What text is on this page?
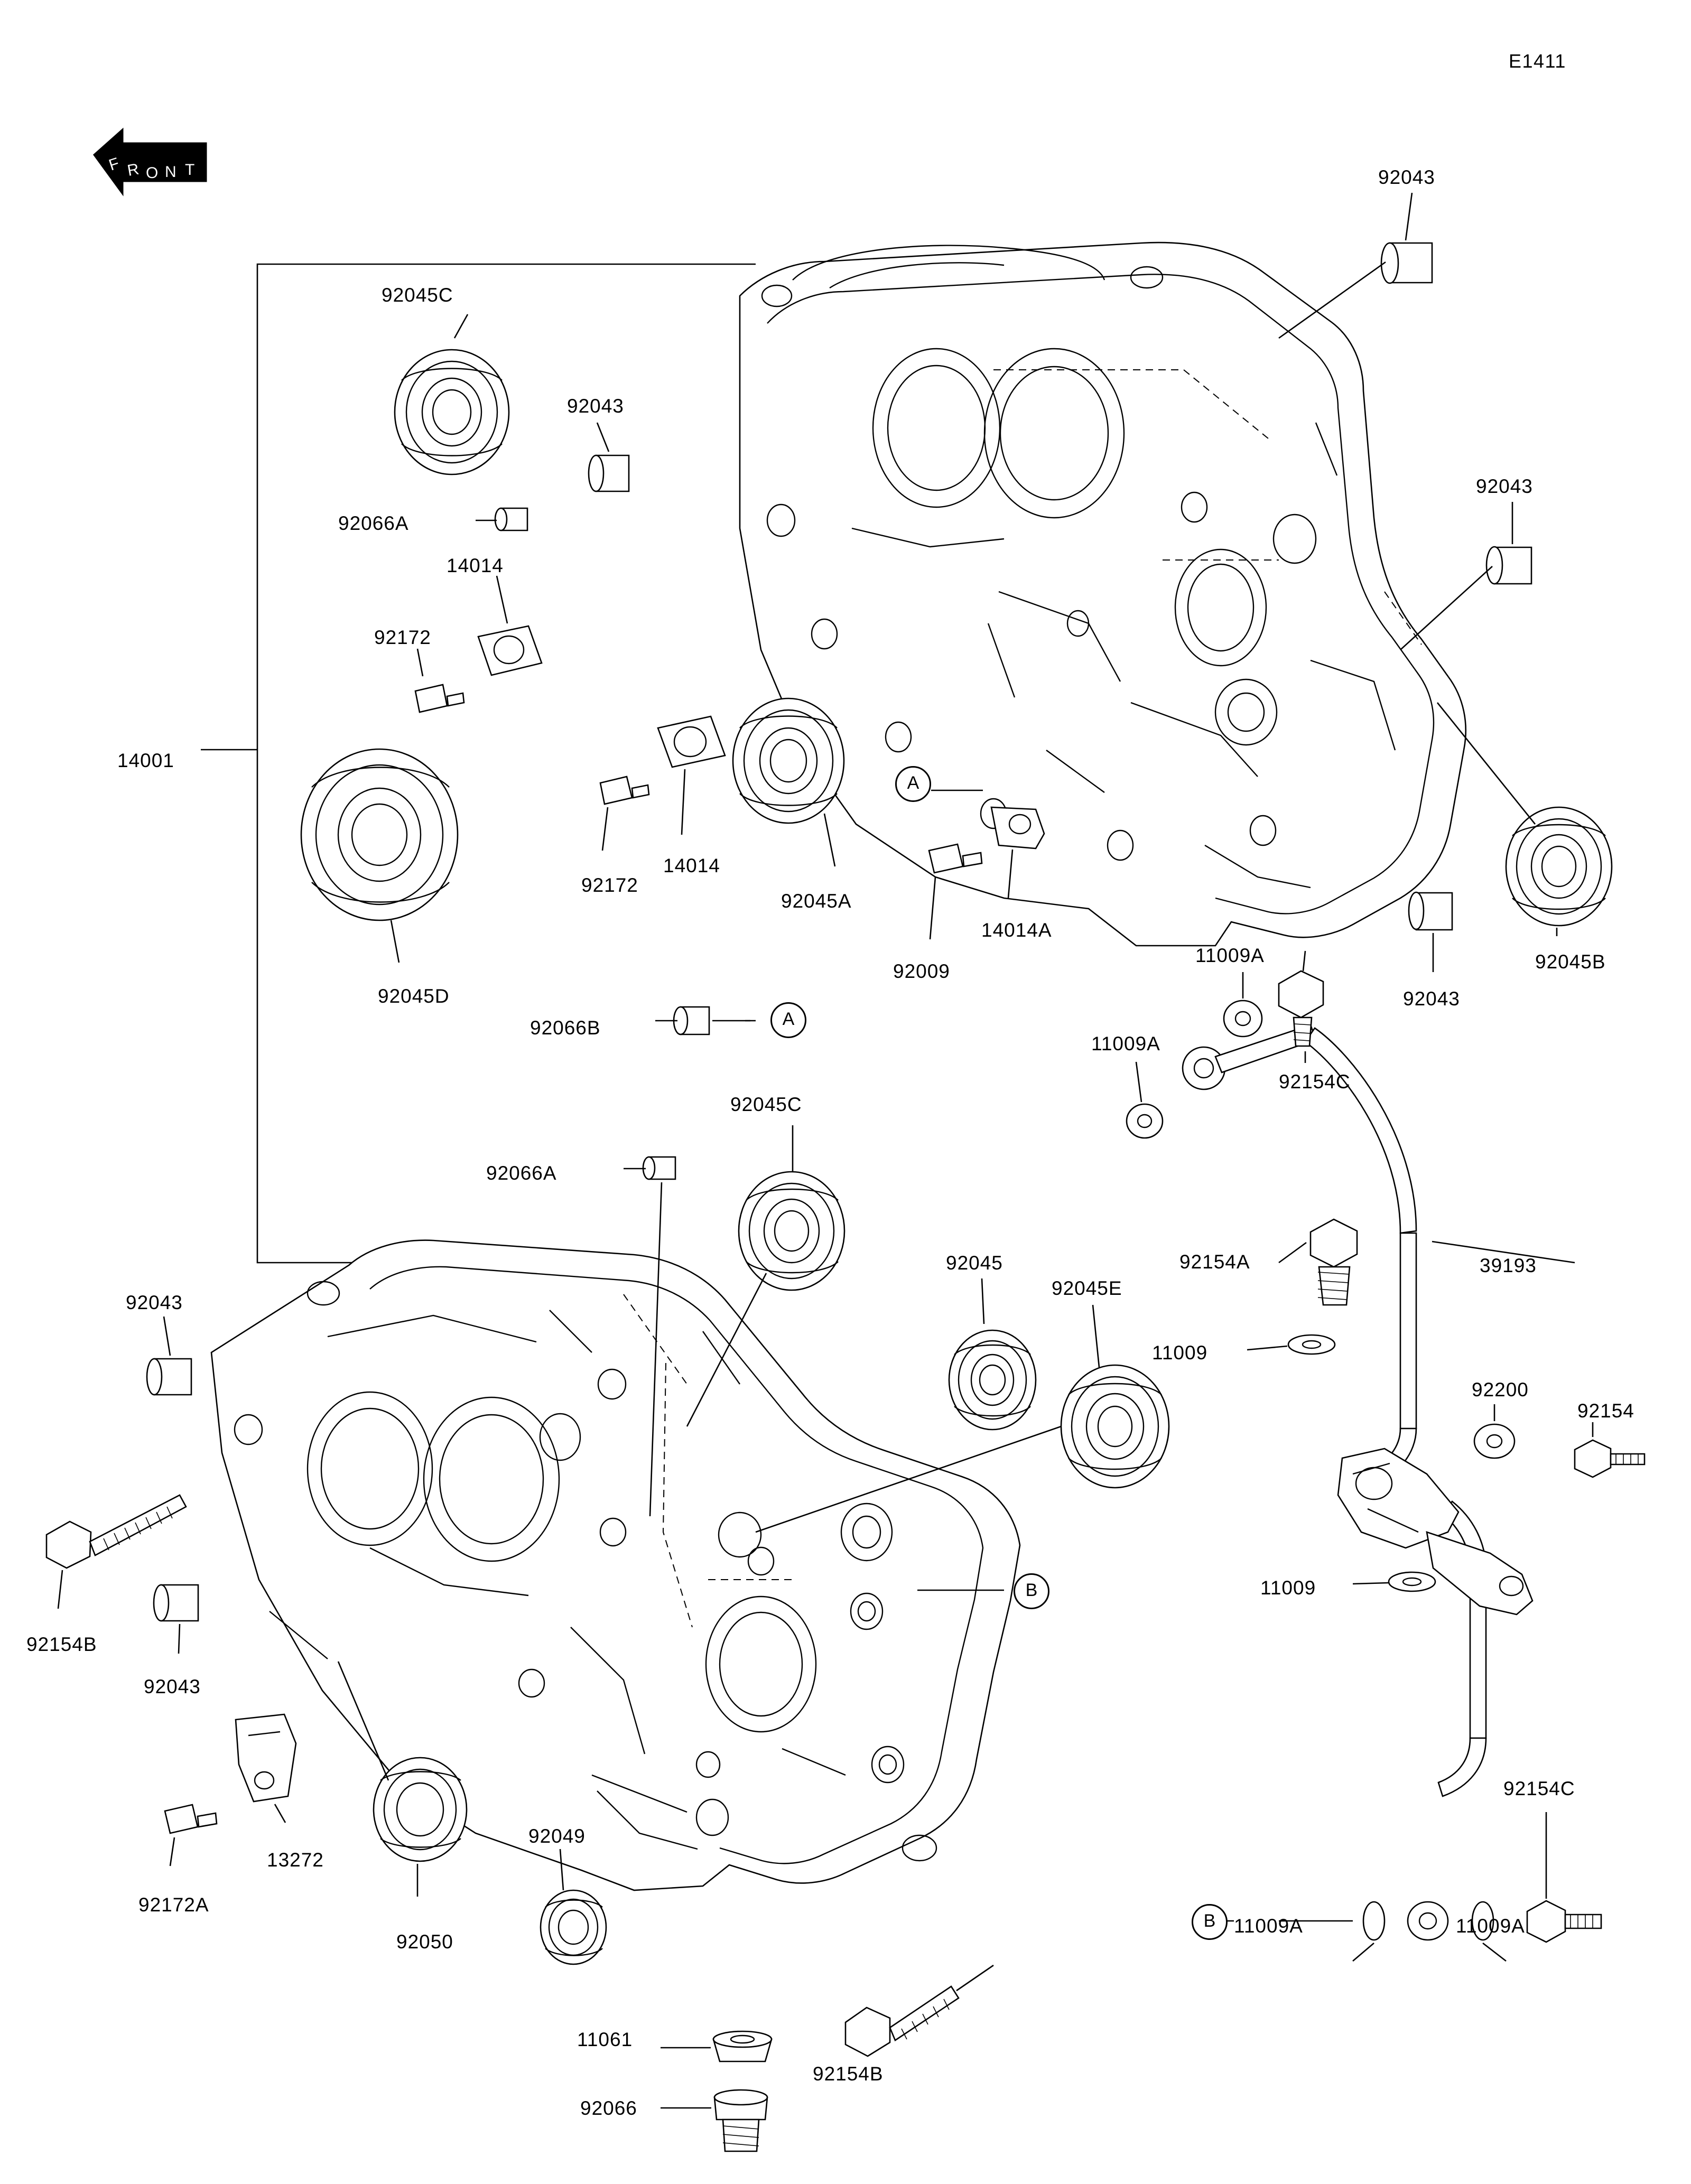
E1411
F R O N T	92043
92045C
92043
92043
92066A
14014
92172
14001
92172
14014
92045A
14014A
92009
11009A
11009A
92154C
92043
92045B
92045D
92066B
92045C
92066A
92045
92045E
92154A	39193
92043
11009
92200
92154
11009
92154B
92043
13272
92172A
92050
92049
92154C
11061
92066
92154B
11009A	11009A
A
A
B
B
